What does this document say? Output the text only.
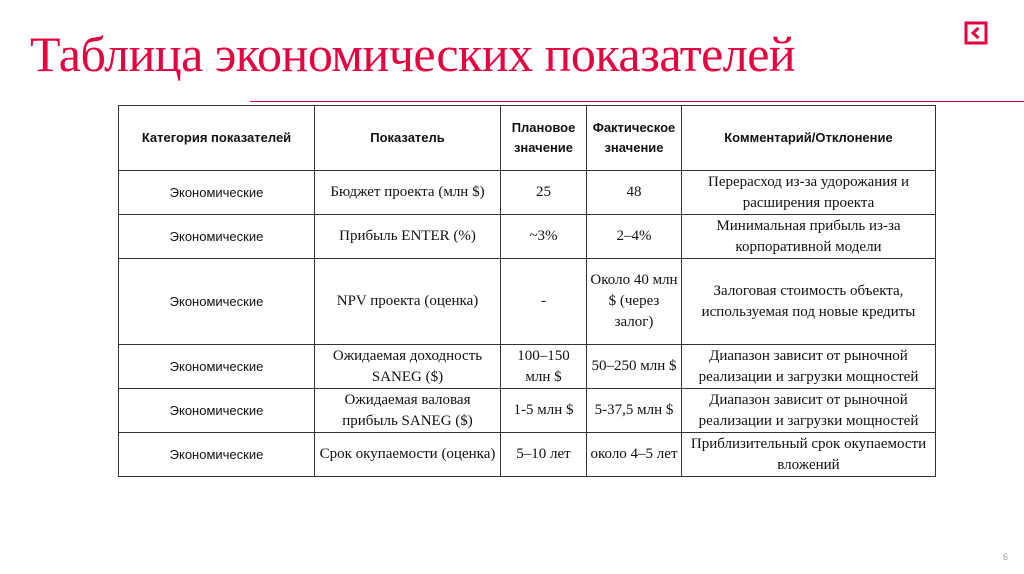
Таблица экономических показателей
Категория показателей	Показатель	Плановое значение	Фактическое значение	Комментарий/Отклонение
Экономические	Бюджет проекта (млн $)	25	48	Перерасход из-за удорожания и расширения проекта
Экономические	Прибыль ENTER (%)	~3%	2–4%	Минимальная прибыль из-за корпоративной модели
Экономические	NPV проекта (оценка)	-	Около 40 млн $ (через залог)	Залоговая стоимость объекта, используемая под новые кредиты
Экономические	Ожидаемая доходность SANEG ($)	100–150 млн $	50–250 млн $	Диапазон зависит от рыночной реализации и загрузки мощностей
Экономические	Ожидаемая валовая прибыль SANEG ($)	1-5 млн $	5-37,5 млн $	Диапазон зависит от рыночной реализации и загрузки мощностей
Экономические	Срок окупаемости (оценка)	5–10 лет	около 4–5 лет	Приблизительный срок окупаемости вложений
6
